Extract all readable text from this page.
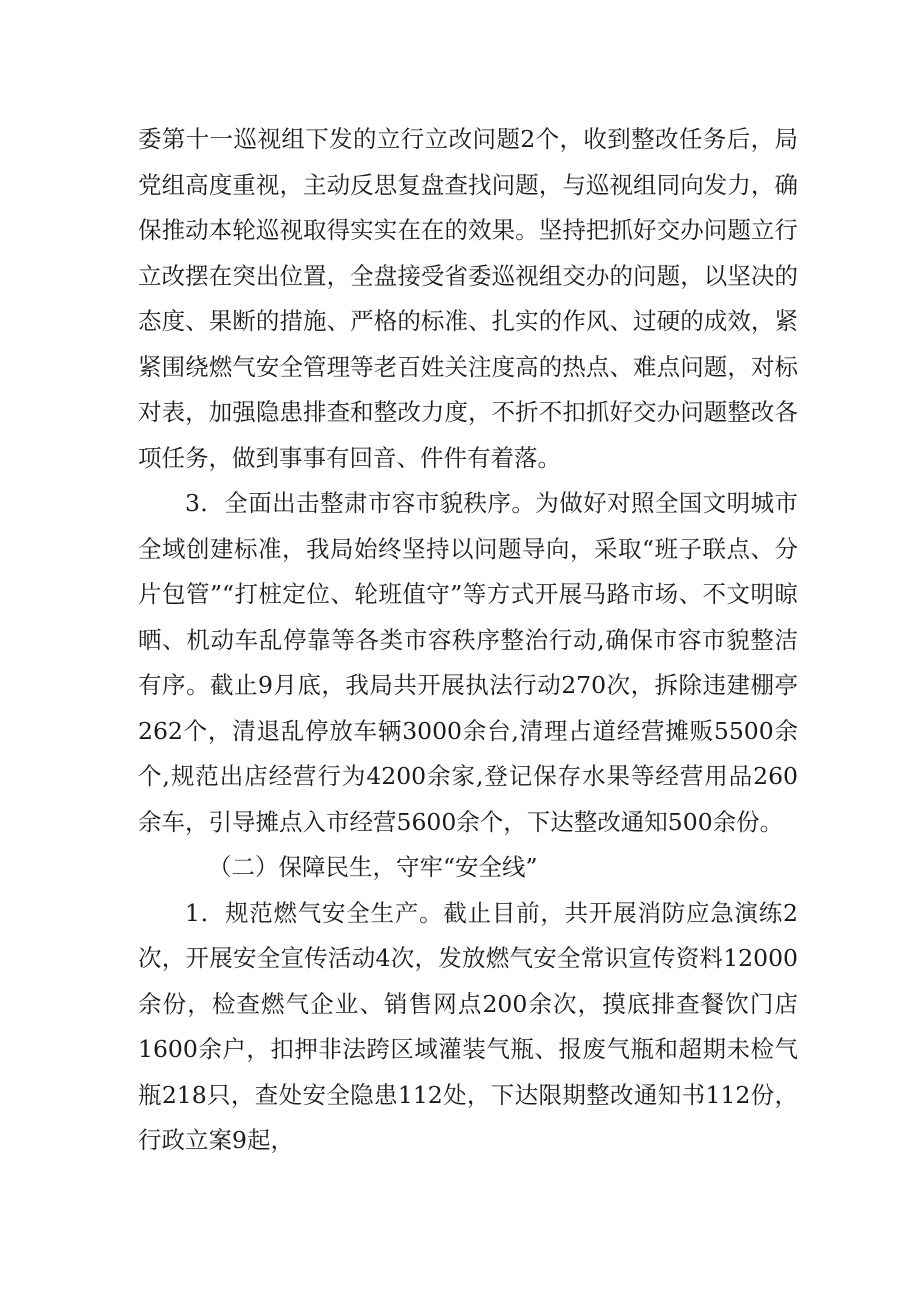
委第十一巡视组下发的立行立改问题2个，收到整改任务后，局党组高度重视，主动反思复盘查找问题，与巡视组同向发力，确保推动本轮巡视取得实实在在的效果。坚持把抓好交办问题立行立改摆在突出位置，全盘接受省委巡视组交办的问题，以坚决的态度、果断的措施、严格的标准、扎实的作风、过硬的成效，紧紧围绕燃气安全管理等老百姓关注度高的热点、难点问题，对标对表，加强隐患排查和整改力度，不折不扣抓好交办问题整改各项任务，做到事事有回音、件件有着落。

3．全面出击整肃市容市貌秩序。为做好对照全国文明城市全域创建标准，我局始终坚持以问题导向，采取“班子联点、分片包管”“打桩定位、轮班值守”等方式开展马路市场、不文明晾晒、机动车乱停靠等各类市容秩序整治行动,确保市容市貌整洁有序。截止9月底，我局共开展执法行动270次，拆除违建棚亭262个，清退乱停放车辆3000余台,清理占道经营摊贩5500余个,规范出店经营行为4200余家,登记保存水果等经营用品260余车，引导摊点入市经营5600余个，下达整改通知500余份。

（二）保障民生，守牢“安全线”

1．规范燃气安全生产。截止目前，共开展消防应急演练2次，开展安全宣传活动4次，发放燃气安全常识宣传资料12000余份，检查燃气企业、销售网点200余次，摸底排查餐饮门店1600余户，扣押非法跨区域灌装气瓶、报废气瓶和超期未检气瓶218只，查处安全隐患112处，下达限期整改通知书112份，行政立案9起，
